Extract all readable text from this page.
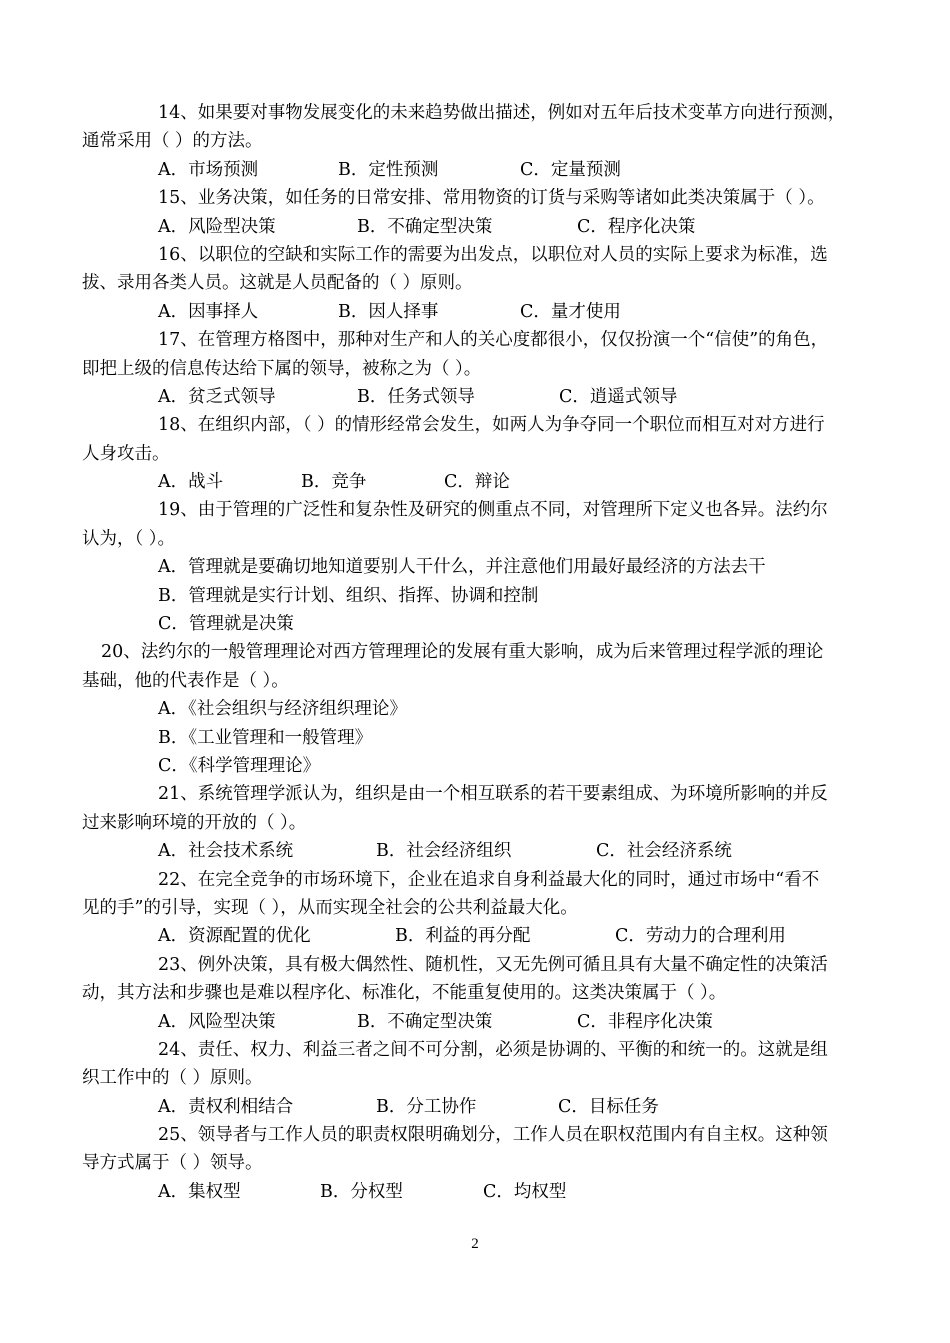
14、如果要对事物发展变化的未来趋势做出描述，例如对五年后技术变革方向进行预测，
通常采用（ ）的方法。
A．市场预测	B．定性预测	C．定量预测
15、业务决策，如任务的日常安排、常用物资的订货与采购等诸如此类决策属于（ ）。
A．风险型决策	B．不确定型决策	C．程序化决策
16、以职位的空缺和实际工作的需要为出发点，以职位对人员的实际上要求为标准，选
拔、录用各类人员。这就是人员配备的（ ）原则。
A．因事择人	B．因人择事	C．量才使用
17、在管理方格图中，那种对生产和人的关心度都很小，仅仅扮演一个“信使”的角色，
即把上级的信息传达给下属的领导，被称之为（ ）。
A．贫乏式领导	B．任务式领导	C．逍遥式领导
18、在组织内部，（ ）的情形经常会发生，如两人为争夺同一个职位而相互对对方进行
人身攻击。
A．战斗	B．竞争	C．辩论
19、由于管理的广泛性和复杂性及研究的侧重点不同，对管理所下定义也各异。法约尔
认为，（ ）。
A．管理就是要确切地知道要别人干什么，并注意他们用最好最经济的方法去干
B．管理就是实行计划、组织、指挥、协调和控制
C．管理就是决策
20、法约尔的一般管理理论对西方管理理论的发展有重大影响，成为后来管理过程学派的理论
基础，他的代表作是（ ）。
A．《社会组织与经济组织理论》
B．《工业管理和一般管理》
C．《科学管理理论》
21、系统管理学派认为，组织是由一个相互联系的若干要素组成、为环境所影响的并反
过来影响环境的开放的（ ）。
A．社会技术系统	B．社会经济组织	C．社会经济系统
22、在完全竞争的市场环境下，企业在追求自身利益最大化的同时，通过市场中“看不
见的手”的引导，实现（ ），从而实现全社会的公共利益最大化。
A．资源配置的优化	B．利益的再分配	C．劳动力的合理利用
23、例外决策，具有极大偶然性、随机性，又无先例可循且具有大量不确定性的决策活
动，其方法和步骤也是难以程序化、标准化，不能重复使用的。这类决策属于（ ）。
A．风险型决策	B．不确定型决策	C．非程序化决策
24、责任、权力、利益三者之间不可分割，必须是协调的、平衡的和统一的。这就是组
织工作中的（ ）原则。
A．责权利相结合	B．分工协作	C．目标任务
25、领导者与工作人员的职责权限明确划分，工作人员在职权范围内有自主权。这种领
导方式属于（ ）领导。
A．集权型	B．分权型	C．均权型
2
